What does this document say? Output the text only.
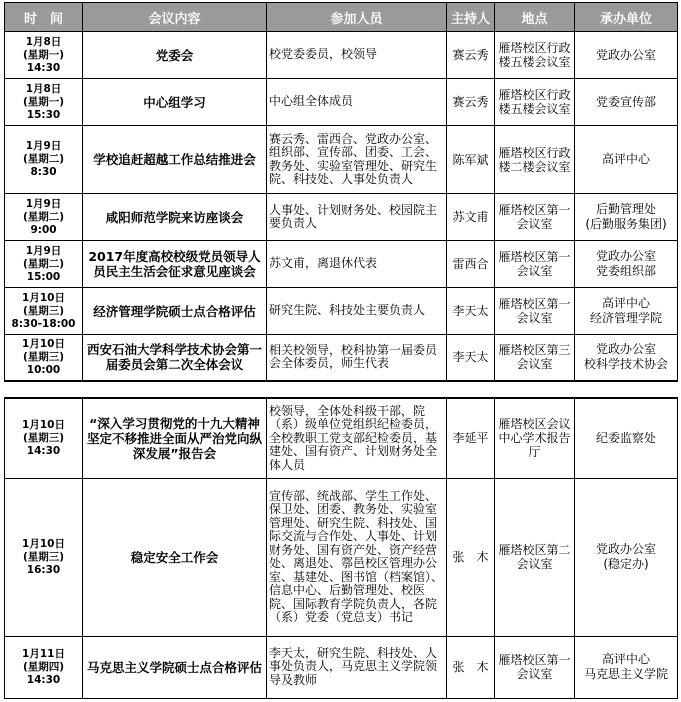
时　间	会议内容	参加人员	主持人	地点	承办单位

1月8日
(星期一)
14:30	党委会	校党委委员，校领导	赛云秀	雁塔校区行政楼五楼会议室	党政办公室

1月8日
(星期一)
15:30	中心组学习	中心组全体成员	赛云秀	雁塔校区行政楼五楼会议室	党委宣传部

1月9日
(星期二)
8:30	学校追赶超越工作总结推进会	赛云秀、雷西合、党政办公室、组织部、宣传部、团委、工会、教务处、实验室管理处、研究生院、科技处、人事处负责人	陈军斌	雁塔校区行政楼二楼会议室	高评中心

1月9日
(星期二)
9:00	咸阳师范学院来访座谈会	人事处、计划财务处、校园院主要负责人	苏文甫	雁塔校区第一会议室	后勤管理处
(后勤服务集团)

1月9日
(星期二)
15:00	2017年度高校校级党员领导人员民主生活会征求意见座谈会	苏文甫，离退休代表	雷西合	雁塔校区第一会议室	党政办公室
党委组织部

1月10日
(星期三)
8:30-18:00	经济管理学院硕士点合格评估	研究生院、科技处主要负责人	李天太	雁塔校区第一会议室	高评中心
经济管理学院

1月10日
(星期三)
10:00	西安石油大学科学技术协会第一届委员会第二次全体会议	相关校领导，校科协第一届委员会全体委员，师生代表	李天太	雁塔校区第三会议室	党政办公室
校科学技术协会
1月10日
(星期三)
14:30	“深入学习贯彻党的十九大精神坚定不移推进全面从严治党向纵深发展”报告会	校领导，全体处科级干部，院（系）级单位党组织纪检委员，全校教职工党支部纪检委员，基建处、国有资产、计划财务处全体人员	李延平	雁塔校区会议中心学术报告厅	纪委监察处

1月10日
(星期三)
16:30	稳定安全工作会	宣传部、统战部、学生工作处、保卫处、团委、教务处、实验室管理处、研究生院、科技处、国际交流与合作处、人事处、计划财务处、国有资产处、资产经营处、离退处、鄠邑校区管理办公室、基建处、图书馆（档案馆）、信息中心、后勤管理处、校医院、国际教育学院负责人，各院（系）党委（党总支）书记	张　木	雁塔校区第二会议室	党政办公室
(稳定办)

1月11日
(星期四)
14:30	马克思主义学院硕士点合格评估	李天太，研究生院、科技处、人事处负责人，马克思主义学院领导及教师	张　木	雁塔校区第一会议室	高评中心
马克思主义学院
